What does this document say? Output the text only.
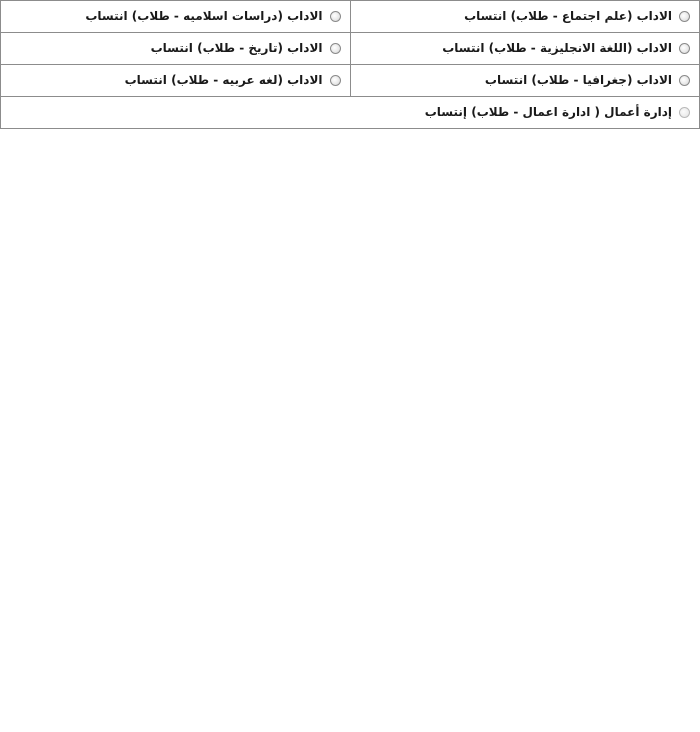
الاداب (علم اجتماع - طلاب) انتساب	الاداب (دراسات اسلاميه - طلاب) انتساب

الاداب (اللغة الانجليزية - طلاب) انتساب	الاداب (تاريخ - طلاب) انتساب

الاداب (جغرافيا - طلاب) انتساب	الاداب (لغه عربيه - طلاب) انتساب

إدارة أعمال ( ادارة اعمال - طلاب) إنتساب	
